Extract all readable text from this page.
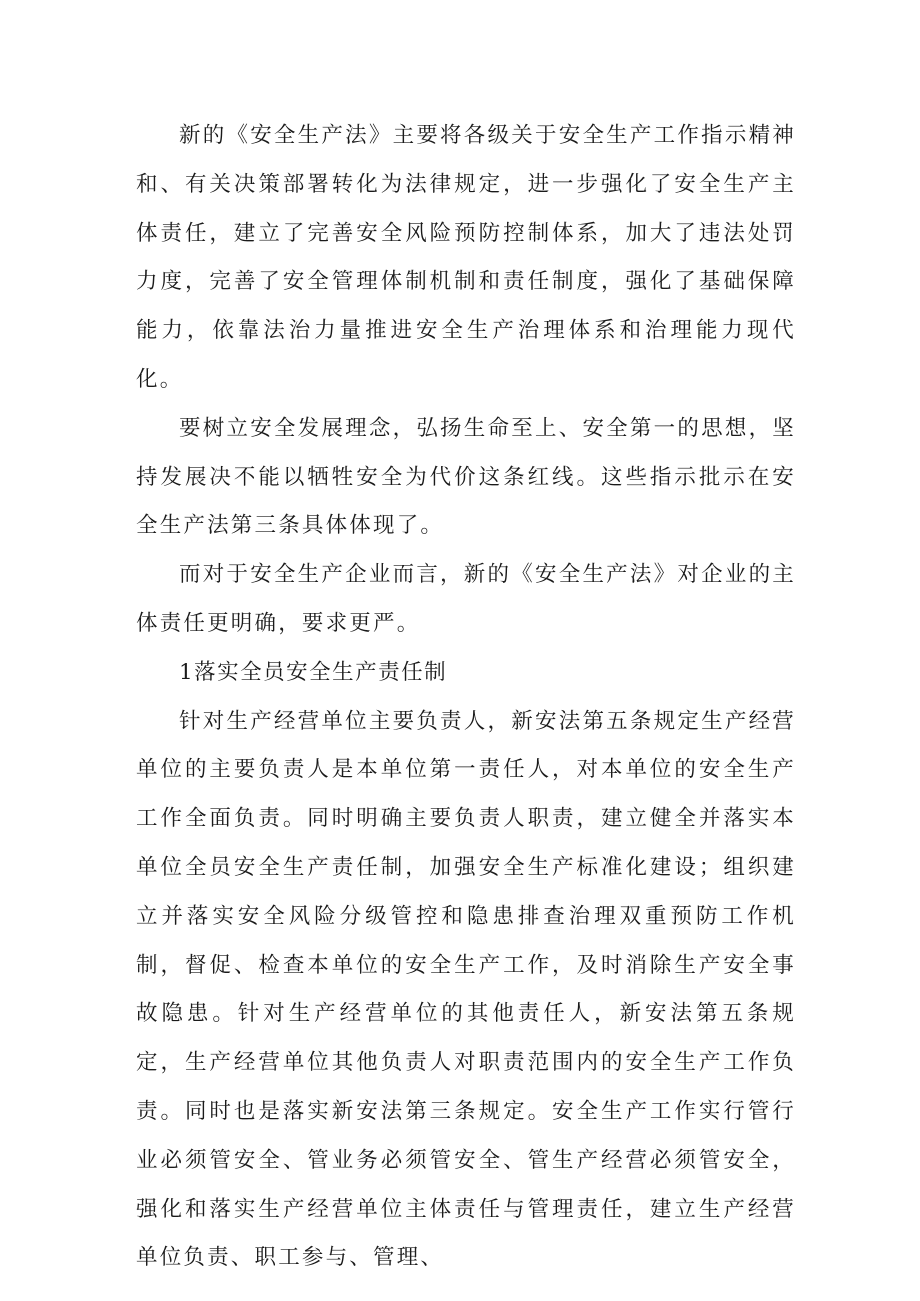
新的《安全生产法》主要将各级关于安全生产工作指示精神和、有关决策部署转化为法律规定，进一步强化了安全生产主体责任，建立了完善安全风险预防控制体系，加大了违法处罚力度，完善了安全管理体制机制和责任制度，强化了基础保障能力，依靠法治力量推进安全生产治理体系和治理能力现代化。

要树立安全发展理念，弘扬生命至上、安全第一的思想，坚持发展决不能以牺牲安全为代价这条红线。这些指示批示在安全生产法第三条具体体现了。

而对于安全生产企业而言，新的《安全生产法》对企业的主体责任更明确，要求更严。

1落实全员安全生产责任制

针对生产经营单位主要负责人，新安法第五条规定生产经营单位的主要负责人是本单位第一责任人，对本单位的安全生产工作全面负责。同时明确主要负责人职责，建立健全并落实本单位全员安全生产责任制，加强安全生产标准化建设；组织建立并落实安全风险分级管控和隐患排查治理双重预防工作机制，督促、检查本单位的安全生产工作，及时消除生产安全事故隐患。针对生产经营单位的其他责任人，新安法第五条规定，生产经营单位其他负责人对职责范围内的安全生产工作负责。同时也是落实新安法第三条规定。安全生产工作实行管行业必须管安全、管业务必须管安全、管生产经营必须管安全，强化和落实生产经营单位主体责任与管理责任，建立生产经营单位负责、职工参与、管理、
